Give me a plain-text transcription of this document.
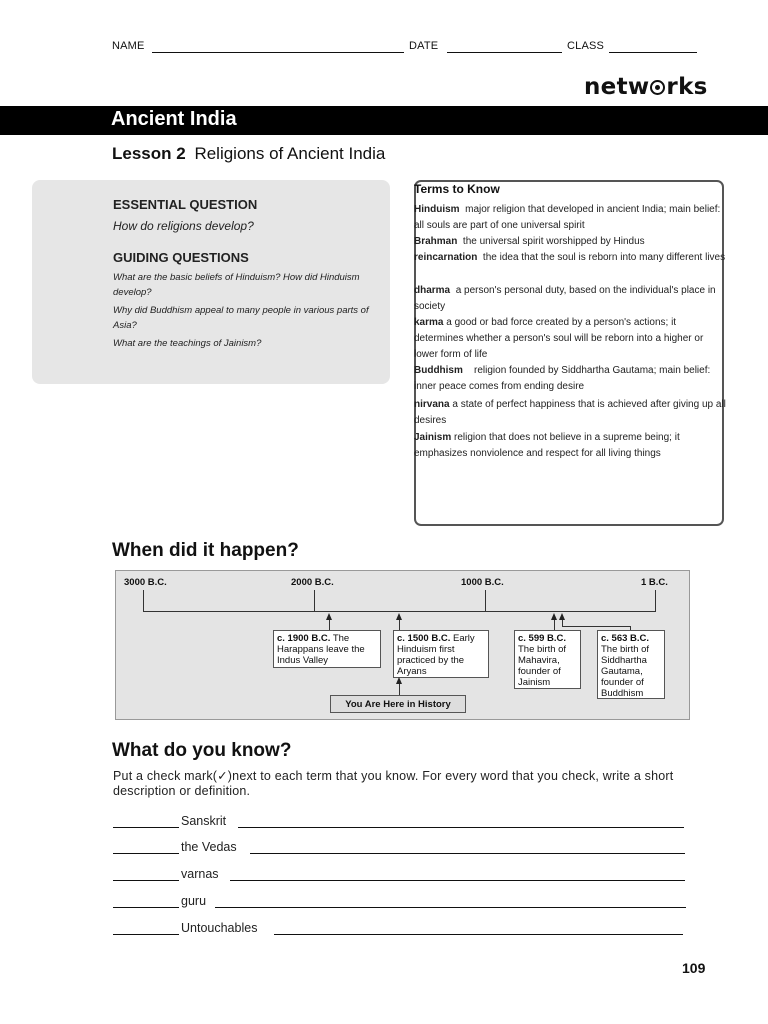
NAME	DATE	CLASS
netw rks
Ancient India
Lesson 2 Religions of Ancient India
ESSENTIAL QUESTION
How do religions develop?
GUIDING QUESTIONS
What are the basic beliefs of Hinduism? How did Hinduism develop?
Why did Buddhism appeal to many people in various parts of Asia?
What are the teachings of Jainism?
Terms to Know
Hinduism major religion that developed in ancient India; main belief: all souls are part of one universal spirit
Brahman the universal spirit worshipped by Hindus
reincarnation the idea that the soul is reborn into many different lives
dharma a person's personal duty, based on the individual's place in society
karma a good or bad force created by a person's actions; it determines whether a person's soul will be reborn into a higher or lower form of life
Buddhism religion founded by Siddhartha Gautama; main belief: inner peace comes from ending desire
nirvana a state of perfect happiness that is achieved after giving up all desires
Jainism religion that does not believe in a supreme being; it emphasizes nonviolence and respect for all living things
When did it happen?
3000 B.C.	2000 B.C.	1000 B.C.	1 B.C.
c. 1900 B.C. The Harappans leave the Indus Valley
c. 1500 B.C. Early Hinduism first practiced by the Aryans
c. 599 B.C. The birth of Mahavira, founder of Jainism
c. 563 B.C. The birth of Siddhartha Gautama, founder of Buddhism
You Are Here in History
What do you know?
Put a check mark(✓)next to each term that you know. For every word that you check, write a short description or definition.
Sanskrit
the Vedas
varnas
guru
Untouchables
109
